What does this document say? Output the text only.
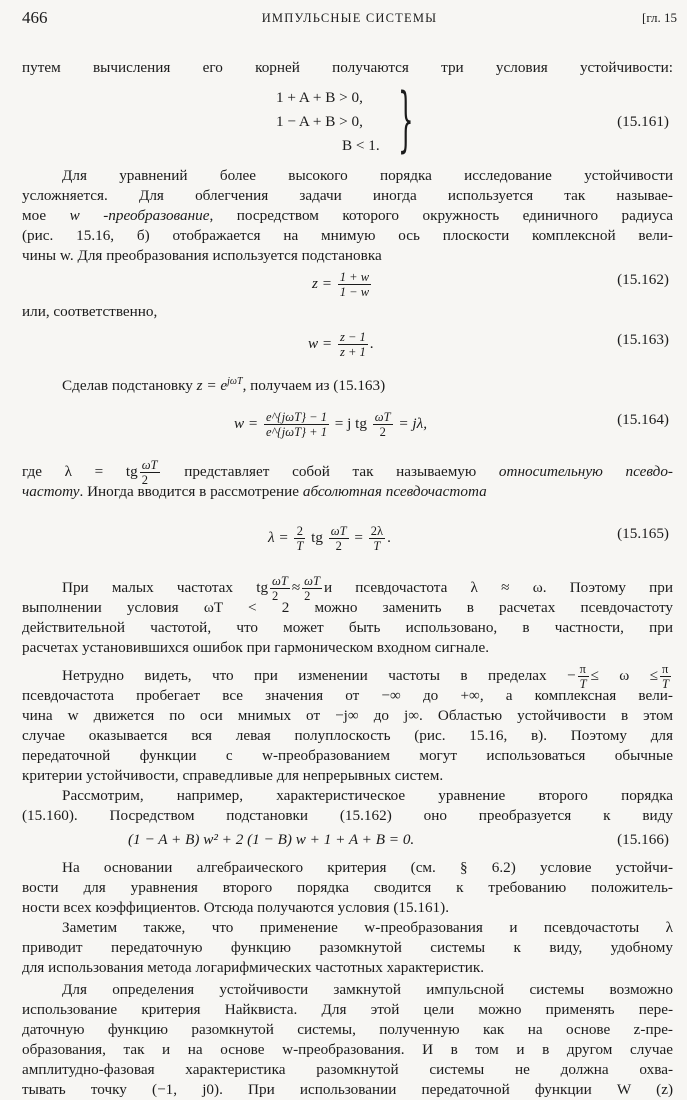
466	ИМПУЛЬСНЫЕ СИСТЕМЫ	[гл. 15
путем вычисления его корней получаются три условия устойчивости:
1 + A + B > 0,
1 − A + B > 0,
B < 1. }	(15.161)
Для уравнений более высокого порядка исследование устойчивости
усложняется. Для облегчения задачи иногда используется так называе-
мое w -преобразование, посредством которого окружность единичного радиуса
(рис. 15.16, б) отображается на мнимую ось плоскости комплексной вели-
чины w. Для преобразования используется подстановка
$z = \frac{1 + w}{1 - w}$	(15.162)
или, соответственно,
$w = \frac{z - 1}{z + 1}$ .	(15.163)
Сделав подстановку $z = e^{j\omega T}$, получаем из (15.163)
$w = \frac{\text{e\textasciicircum{}\{jωT\} − 1}}{\text{e\textasciicircum{}\{jωT\} + 1}} = j$ tg $\frac{\omega T}{2} = j\lambda$,	(15.164)
где λ = tg $\frac{\omega T}{2}$ представляет собой так называемую относительную псевдо-
частоту. Иногда вводится в рассмотрение абсолютная псевдочастота
$\lambda = \frac{2}{T}$ tg $\frac{\omega T}{2} = \frac{2\lambda}{T}$ .	(15.165)
При малых частотах tg $\frac{\omega T}{2} \approx \frac{\omega T}{2}$ и псевдочастота λ ≈ ω. Поэтому при
выполнении условия ωT < 2 можно заменить в расчетах псевдочастоту
действительной частотой, что может быть использовано, в частности, при
расчетах установившихся ошибок при гармоническом входном сигнале.
Нетрудно видеть, что при изменении частоты в пределах − $\frac{\pi}{T} \le \omega \le \frac{\pi}{T}$
псевдочастота пробегает все значения от −∞ до +∞, а комплексная вели-
чина w движется по оси мнимых от −j∞ до j∞. Областью устойчивости в этом
случае оказывается вся левая полуплоскость (рис. 15.16, в). Поэтому для
передаточной функции с w-преобразованием могут использоваться обычные
критерии устойчивости, справедливые для непрерывных систем.
Рассмотрим, например, характеристическое уравнение второго порядка
(15.160). Посредством подстановки (15.162) оно преобразуется к виду
(1 − A + B) w² + 2 (1 − B) w + 1 + A + B = 0.	(15.166)
На основании алгебраического критерия (см. § 6.2) условие устойчи-
вости для уравнения второго порядка сводится к требованию положитель-
ности всех коэффициентов. Отсюда получаются условия (15.161).
Заметим также, что применение w-преобразования и псевдочастоты λ
приводит передаточную функцию разомкнутой системы к виду, удобному
для использования метода логарифмических частотных характеристик.
Для определения устойчивости замкнутой импульсной системы возможно
использование критерия Найквиста. Для этой цели можно применять пере-
даточную функцию разомкнутой системы, полученную как на основе z-пре-
образования, так и на основе w-преобразования. И в том и в другом случае
амплитудно-фазовая характеристика разомкнутой системы не должна охва-
тывать точку (−1, j0). При использовании передаточной функции W (z)
